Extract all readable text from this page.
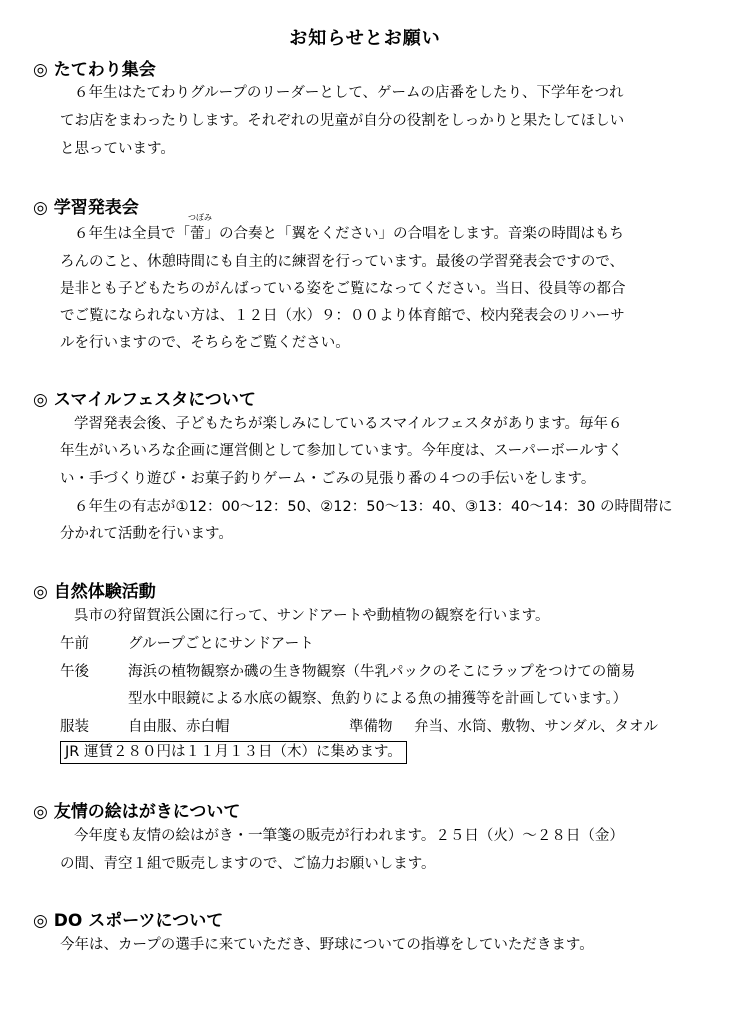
お知らせとお願い
◎ たてわり集会
６年生はたてわりグループのリーダーとして、ゲームの店番をしたり、下学年をつれ
てお店をまわったりします。それぞれの児童が自分の役割をしっかりと果たしてほしい
と思っています。
◎ 学習発表会
６年生は全員で「
つぼみ
蕾」の合奏と「翼をください」の合唱をします。音楽の時間はもち
ろんのこと、休憩時間にも自主的に練習を行っています。最後の学習発表会ですので、
是非とも子どもたちのがんばっている姿をご覧になってください。当日、役員等の都合
でご覧になられない方は、１２日（水）９：００より体育館で、校内発表会のリハーサ
ルを行いますので、そちらをご覧ください。
◎ スマイルフェスタについて
学習発表会後、子どもたちが楽しみにしているスマイルフェスタがあります。毎年６
年生がいろいろな企画に運営側として参加しています。今年度は、スーパーボールすく
い・手づくり遊び・お菓子釣りゲーム・ごみの見張り番の４つの手伝いをします。
６年生の有志が①12：00～12：50、②12：50～13：40、③13：40～14：30 の時間帯に
分かれて活動を行います。
◎ 自然体験活動
呉市の狩留賀浜公園に行って、サンドアートや動植物の観察を行います。
午前	グループごとにサンドアート
午後	海浜の植物観察か磯の生き物観察（牛乳パックのそこにラップをつけての簡易
型水中眼鏡による水底の観察、魚釣りによる魚の捕獲等を計画しています。）
服装	自由服、赤白帽	準備物 弁当、水筒、敷物、サンダル、タオル
JR 運賃２８０円は１１月１３日（木）に集めます。
◎ 友情の絵はがきについて
今年度も友情の絵はがき・一筆箋の販売が行われます。２５日（火）～２８日（金）
の間、青空１組で販売しますので、ご協力お願いします。
◎ DO スポーツについて
今年は、カープの選手に来ていただき、野球についての指導をしていただきます。
